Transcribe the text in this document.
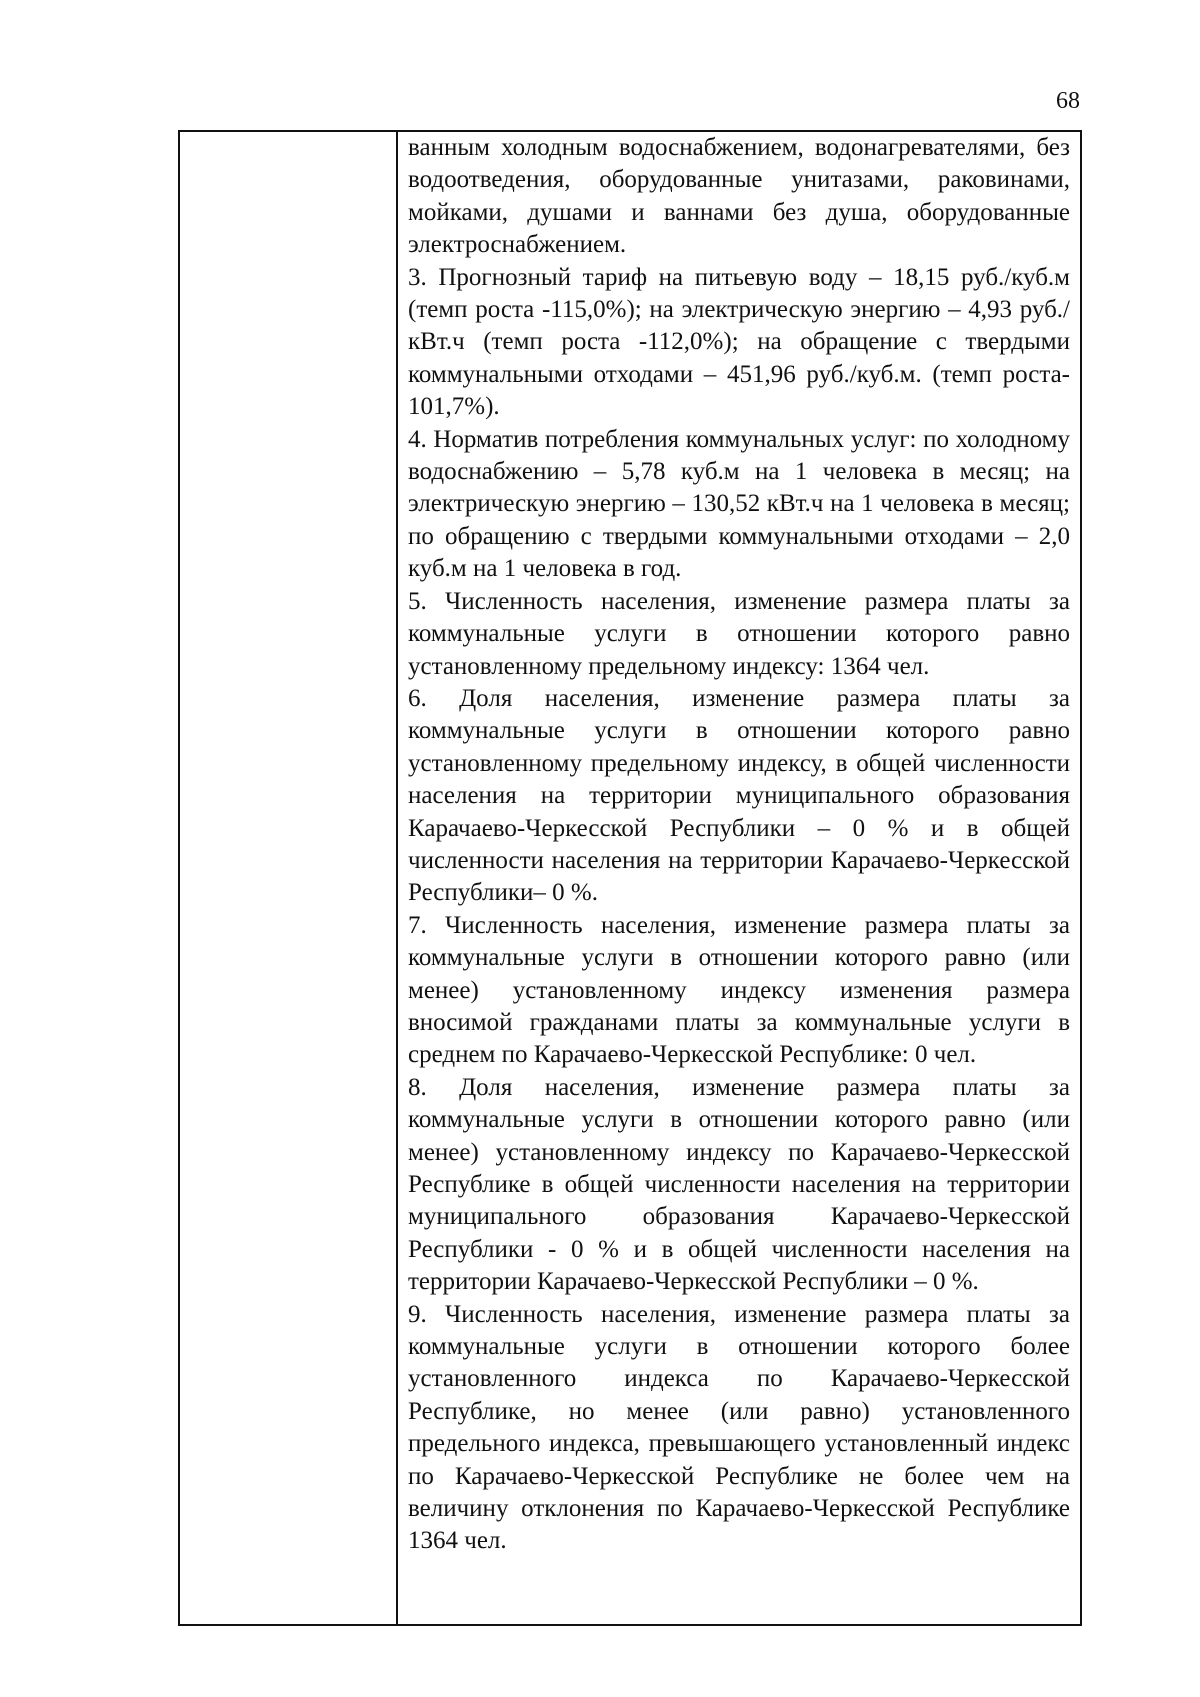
68

ванным холодным водоснабжением, водонагревателями, без водоотведения, оборудованные унитазами, раковинами, мойками, душами и ваннами без душа, оборудованные электроснабжением.

3. Прогнозный тариф на питьевую воду – 18,15 руб./куб.м (темп роста -115,0%); на электрическую энергию – 4,93 руб./кВт.ч (темп роста -112,0%); на обращение с твердыми коммунальными отходами – 451,96 руб./куб.м. (темп роста- 101,7%).

4. Норматив потребления коммунальных услуг: по холодному водоснабжению – 5,78 куб.м на 1 человека в месяц; на электрическую энергию – 130,52 кВт.ч на 1 человека в месяц; по обращению с твердыми коммунальными отходами – 2,0 куб.м на 1 человека в год.

5. Численность населения, изменение размера платы за коммунальные услуги в отношении которого равно установленному предельному индексу: 1364 чел.

6. Доля населения, изменение размера платы за коммунальные услуги в отношении которого равно установленному предельному индексу, в общей численности населения на территории муниципального образования Карачаево-Черкесской Республики – 0 % и в общей численности населения на территории Карачаево-Черкесской Республики– 0 %.

7. Численность населения, изменение размера платы за коммунальные услуги в отношении которого равно (или менее) установленному индексу изменения размера вносимой гражданами платы за коммунальные услуги в среднем по Карачаево-Черкесской Республике: 0 чел.

8. Доля населения, изменение размера платы за коммунальные услуги в отношении которого равно (или менее) установленному индексу по Карачаево-Черкесской Республике в общей численности населения на территории муниципального образования Карачаево-Черкесской Республики - 0 % и в общей численности населения на территории Карачаево-Черкесской Республики – 0 %.

9. Численность населения, изменение размера платы за коммунальные услуги в отношении которого более установленного индекса по Карачаево-Черкесской Республике, но менее (или равно) установленного предельного индекса, превышающего установленный индекс по Карачаево-Черкесской Республике не более чем на величину отклонения по Карачаево-Черкесской Республике 1364 чел.
